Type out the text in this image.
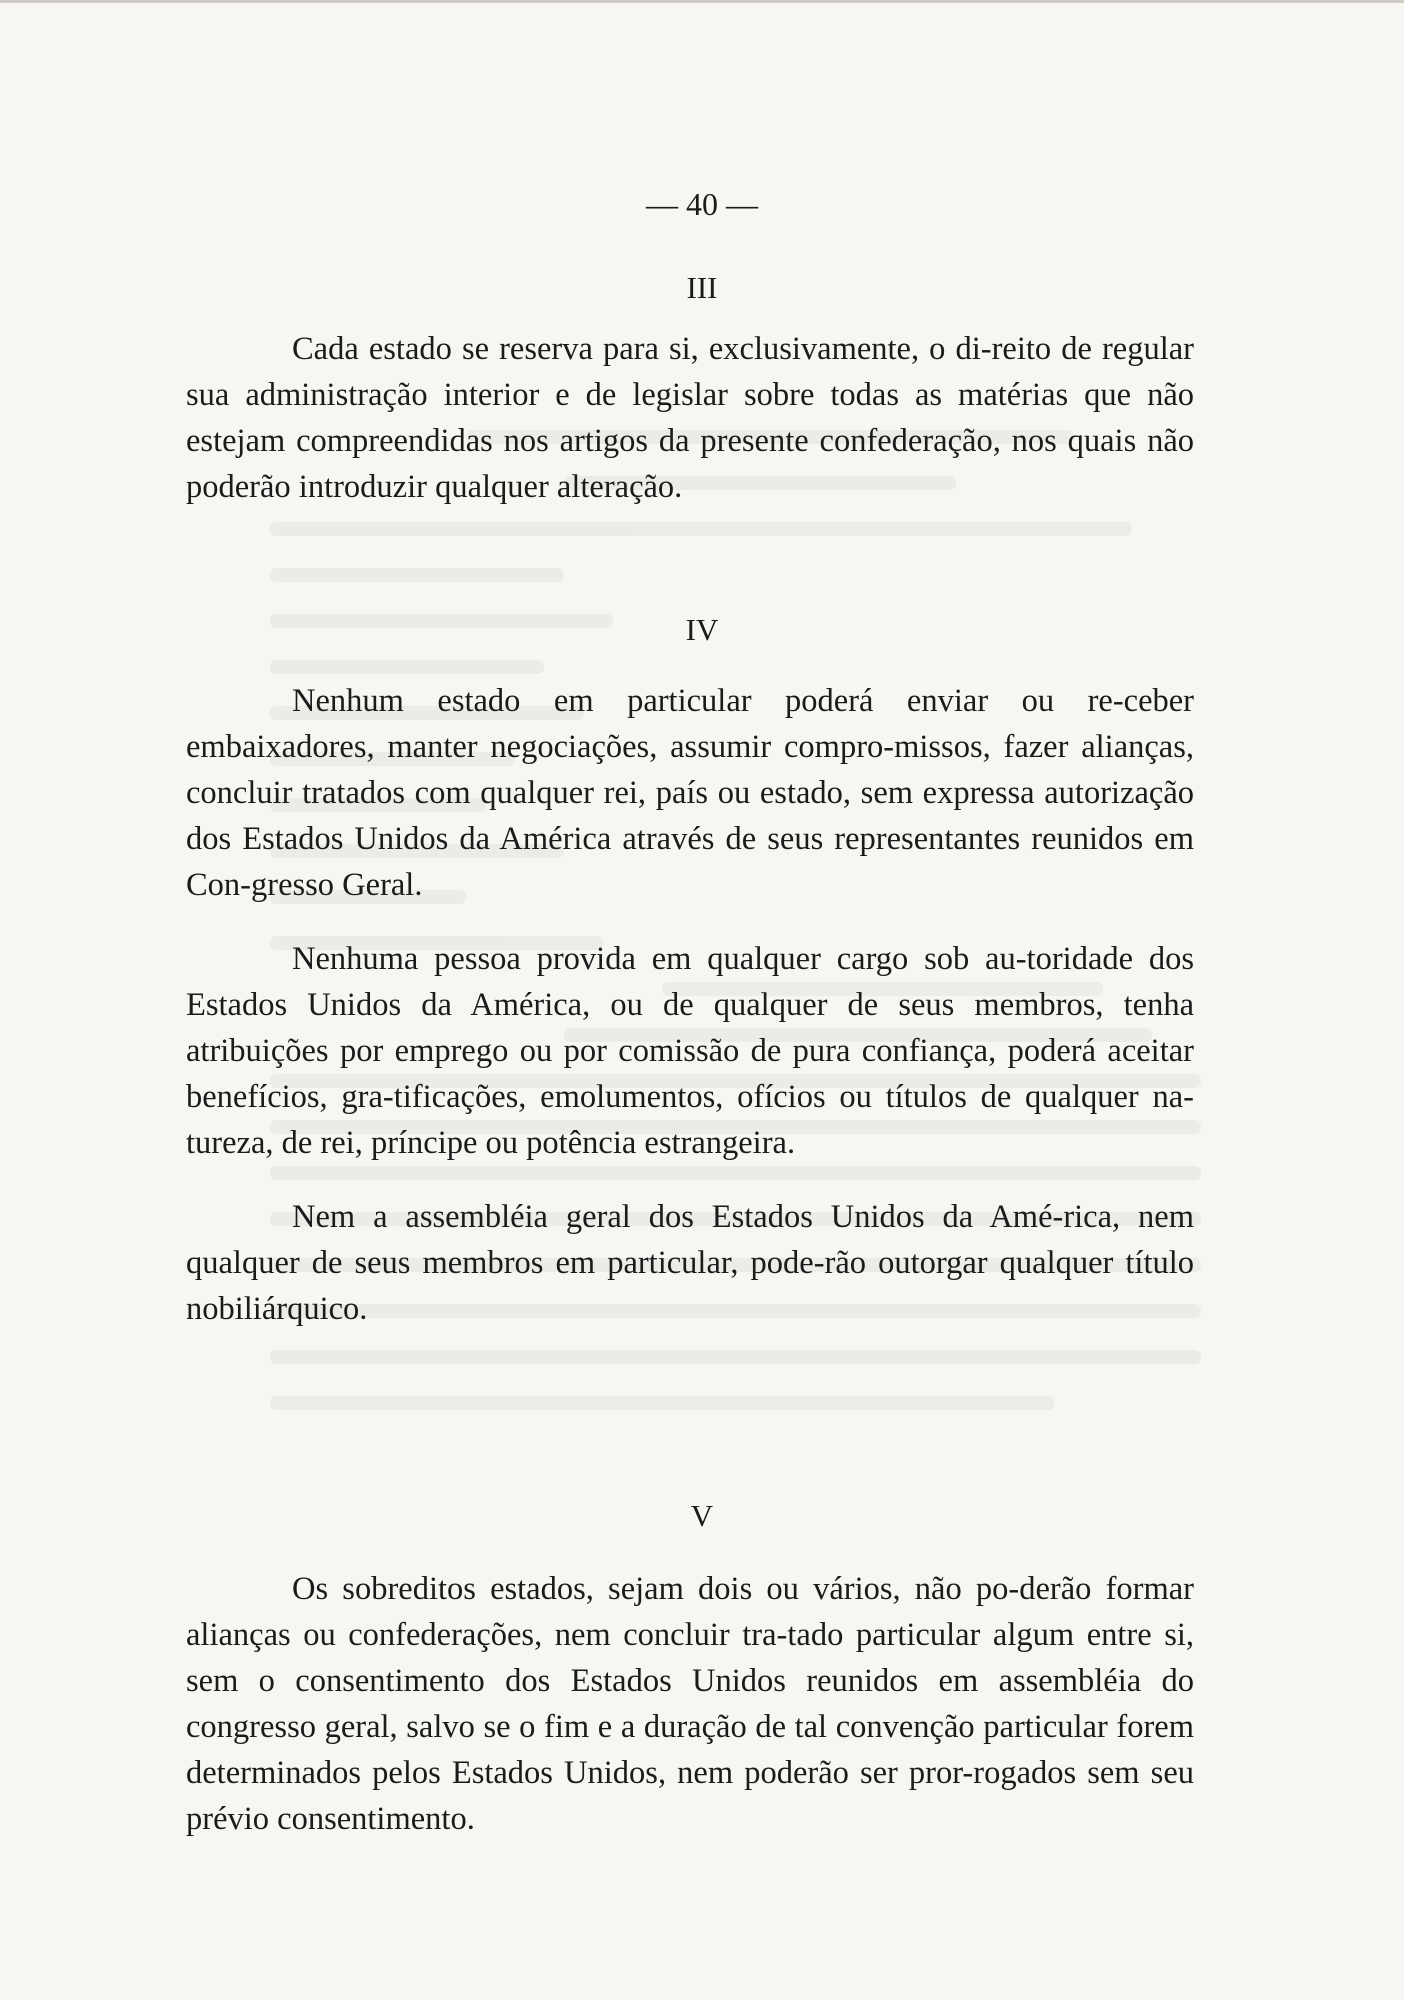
— 40 —
III

Cada estado se reserva para si, exclusivamente, o di-reito de regular sua administração interior e de legislar sobre todas as matérias que não estejam compreendidas nos artigos da presente confederação, nos quais não poderão introduzir qualquer alteração.

IV

Nenhum estado em particular poderá enviar ou re-ceber embaixadores, manter negociações, assumir compro-missos, fazer alianças, concluir tratados com qualquer rei, país ou estado, sem expressa autorização dos Estados Unidos da América através de seus representantes reunidos em Con-gresso Geral.

Nenhuma pessoa provida em qualquer cargo sob au-toridade dos Estados Unidos da América, ou de qualquer de seus membros, tenha atribuições por emprego ou por comissão de pura confiança, poderá aceitar benefícios, gra-tificações, emolumentos, ofícios ou títulos de qualquer na-tureza, de rei, príncipe ou potência estrangeira.

Nem a assembléia geral dos Estados Unidos da Amé-rica, nem qualquer de seus membros em particular, pode-rão outorgar qualquer título nobiliárquico.

V

Os sobreditos estados, sejam dois ou vários, não po-derão formar alianças ou confederações, nem concluir tra-tado particular algum entre si, sem o consentimento dos Estados Unidos reunidos em assembléia do congresso geral, salvo se o fim e a duração de tal convenção particular forem determinados pelos Estados Unidos, nem poderão ser pror-rogados sem seu prévio consentimento.
